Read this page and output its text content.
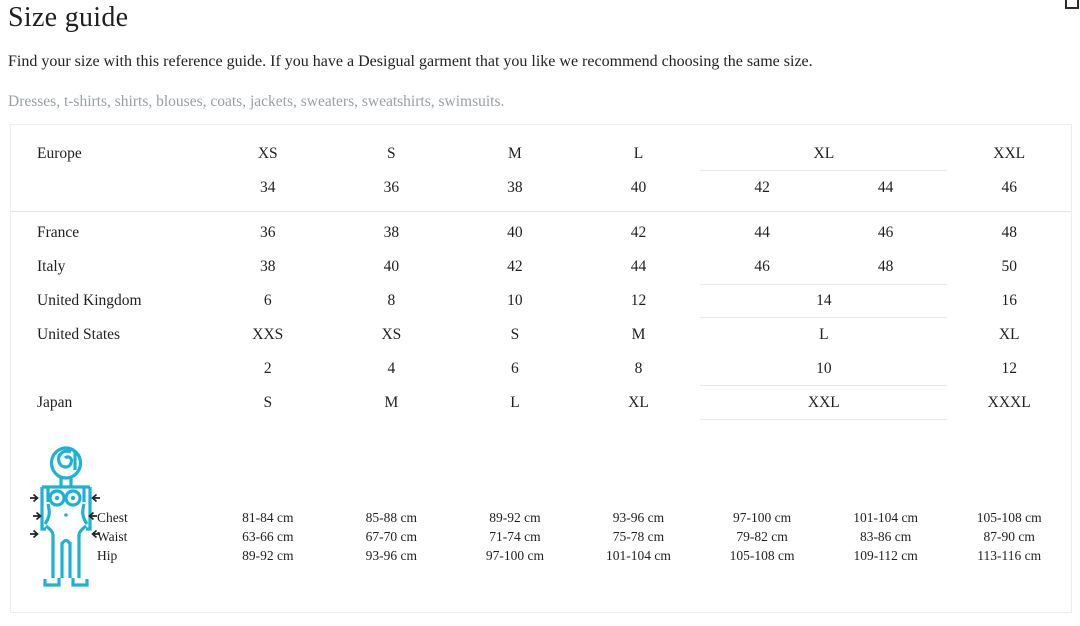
Size guide

Find your size with this reference guide. If you have a Desigual garment that you like we recommend choosing the same size.

Dresses, t-shirts, shirts, blouses, coats, jackets, sweaters, sweatshirts, swimsuits.

Europe	XS	S	M	L	XL	XXL
34	36	38	40	42	44	46
France	36	38	40	42	44	46	48
Italy	38	40	42	44	46	48	50
United Kingdom	6	8	10	12	14	16
United States	XXS	XS	S	M	L	XL
2	4	6	8	10	12
Japan	S	M	L	XL	XXL	XXXL
Chest	81-84 cm	85-88 cm	89-92 cm	93-96 cm	97-100 cm	101-104 cm	105-108 cm
Waist	63-66 cm	67-70 cm	71-74 cm	75-78 cm	79-82 cm	83-86 cm	87-90 cm
Hip	89-92 cm	93-96 cm	97-100 cm	101-104 cm	105-108 cm	109-112 cm	113-116 cm
